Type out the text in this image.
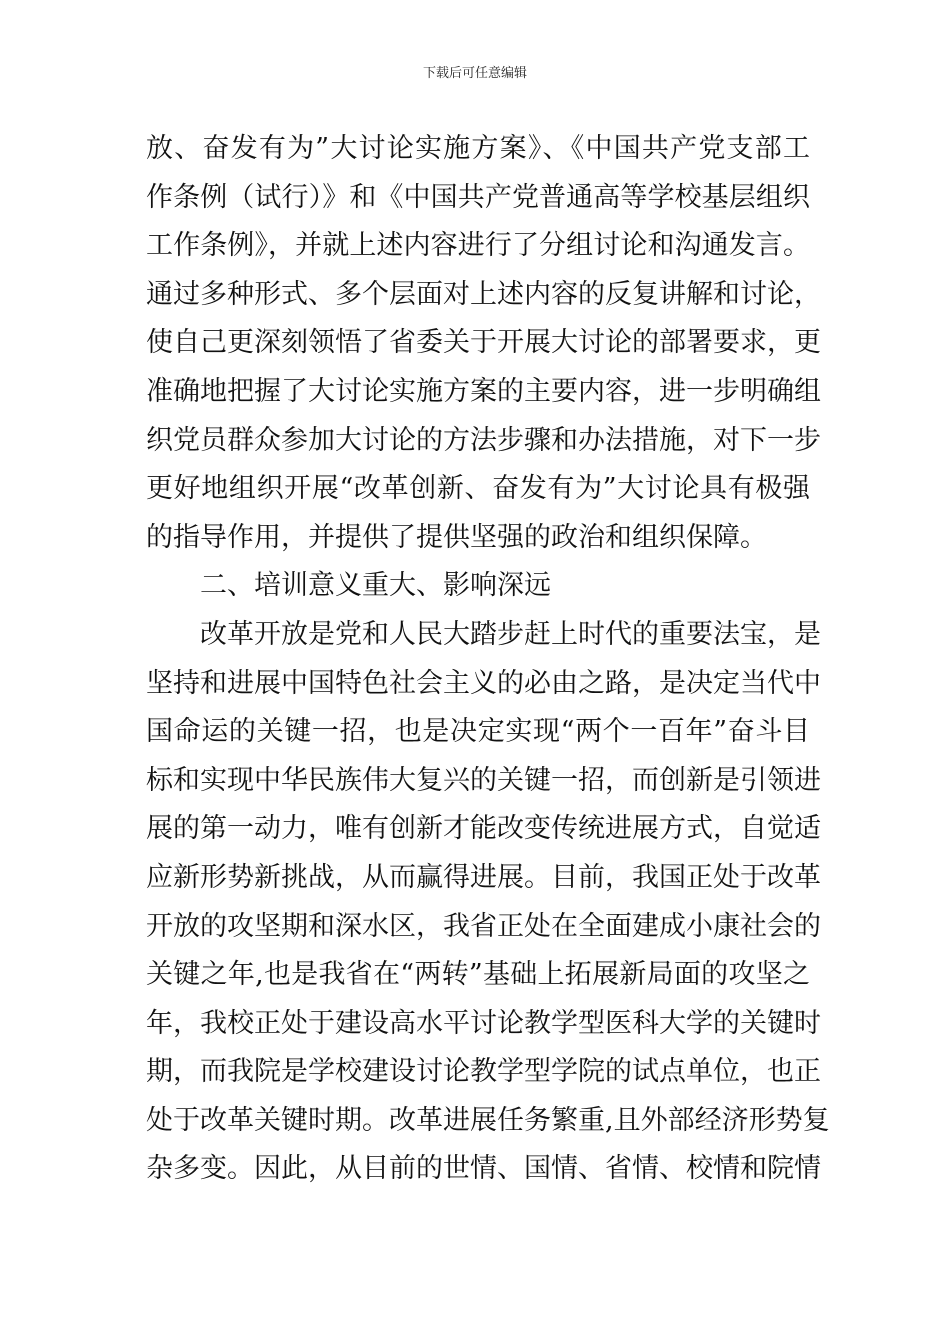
下载后可任意编辑
放、奋发有为”大讨论实施方案》、《中国共产党支部工
作条例（试行）》和《中国共产党普通高等学校基层组织
工作条例》，并就上述内容进行了分组讨论和沟通发言。
通过多种形式、多个层面对上述内容的反复讲解和讨论，
使自己更深刻领悟了省委关于开展大讨论的部署要求，更
准确地把握了大讨论实施方案的主要内容，进一步明确组
织党员群众参加大讨论的方法步骤和办法措施，对下一步
更好地组织开展“改革创新、奋发有为”大讨论具有极强
的指导作用，并提供了提供坚强的政治和组织保障。
二、培训意义重大、影响深远
改革开放是党和人民大踏步赶上时代的重要法宝，是
坚持和进展中国特色社会主义的必由之路，是决定当代中
国命运的关键一招，也是决定实现“两个一百年”奋斗目
标和实现中华民族伟大复兴的关键一招，而创新是引领进
展的第一动力，唯有创新才能改变传统进展方式，自觉适
应新形势新挑战，从而赢得进展。目前，我国正处于改革
开放的攻坚期和深水区，我省正处在全面建成小康社会的
关键之年,也是我省在“两转”基础上拓展新局面的攻坚之
年，我校正处于建设高水平讨论教学型医科大学的关键时
期，而我院是学校建设讨论教学型学院的试点单位，也正
处于改革关键时期。改革进展任务繁重,且外部经济形势复
杂多变。因此，从目前的世情、国情、省情、校情和院情
